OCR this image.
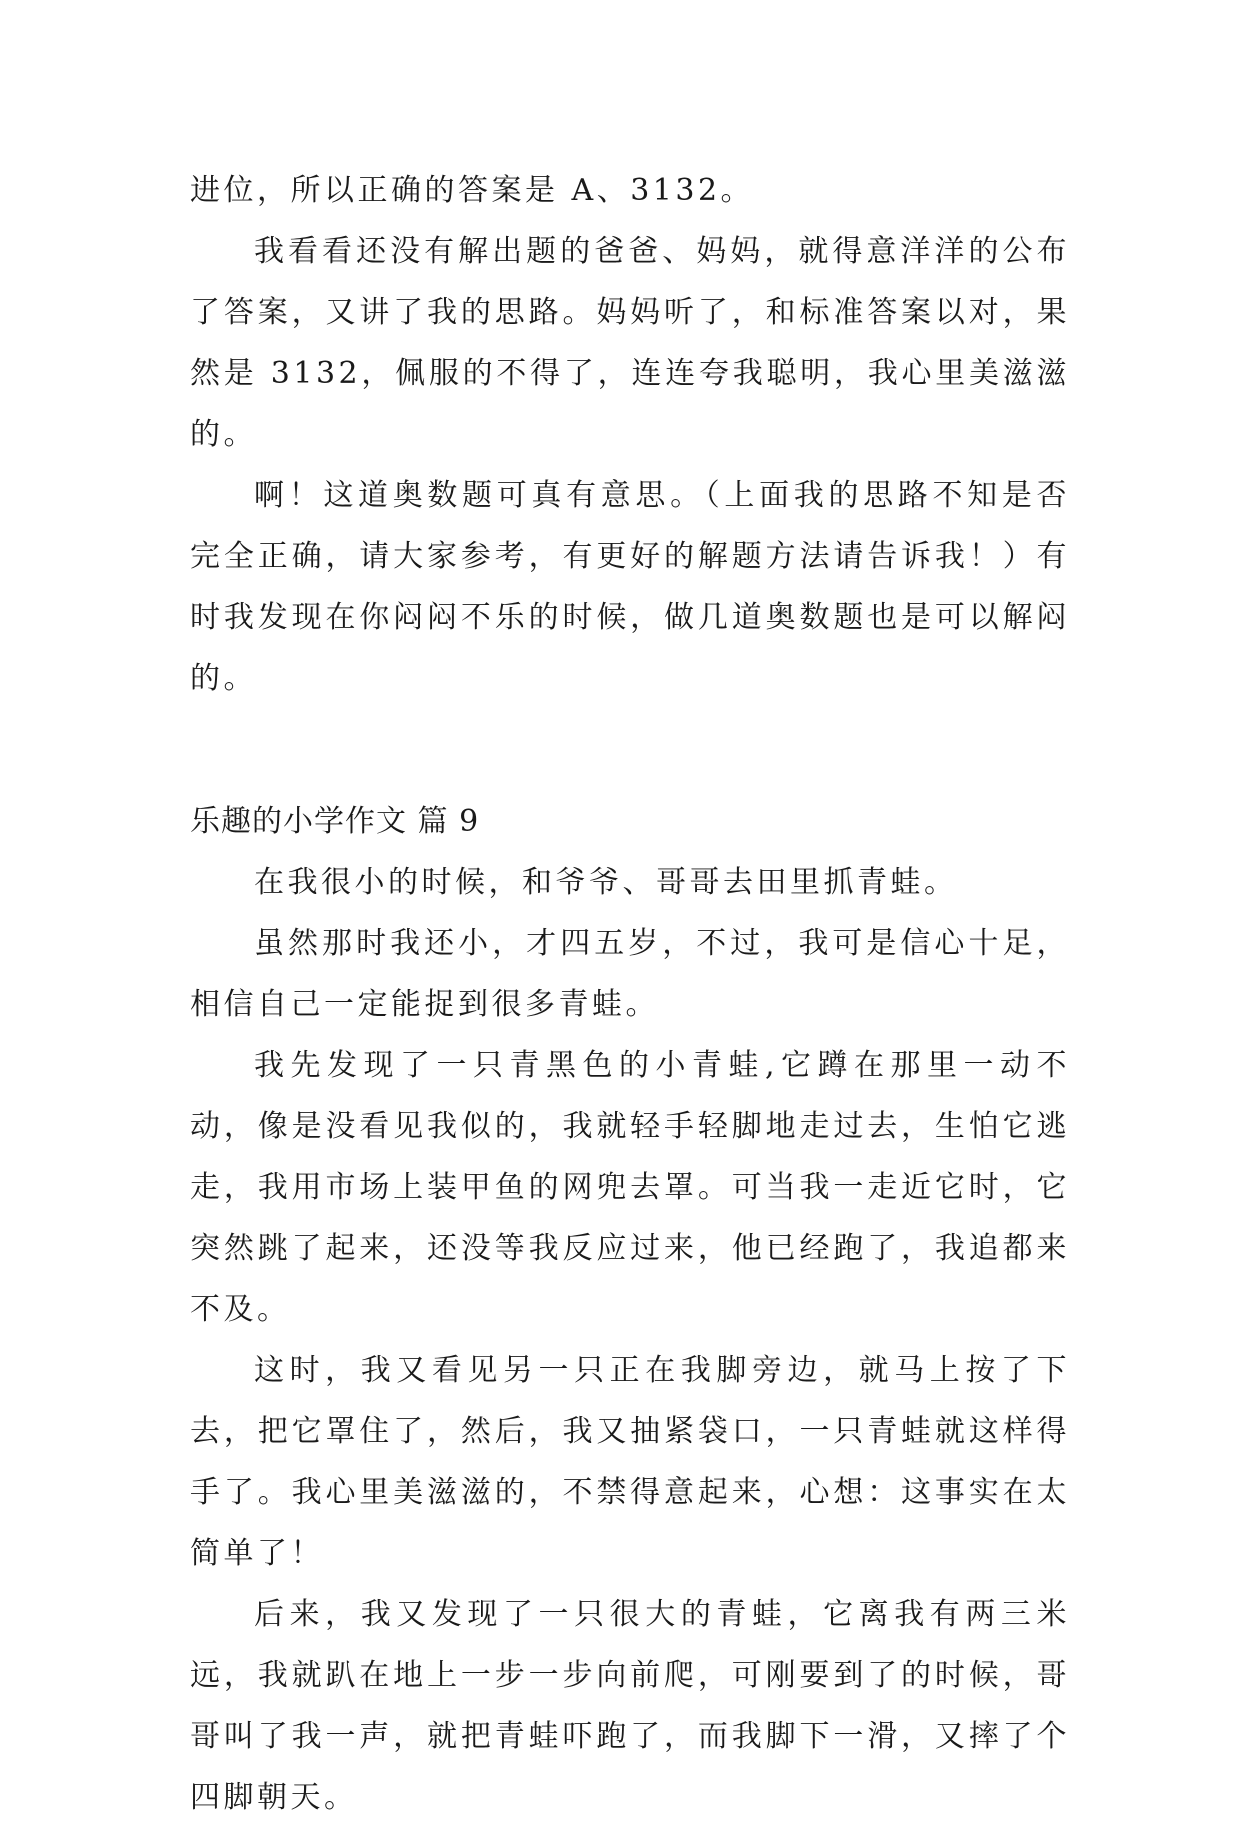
进位，所以正确的答案是 A、3132。

我看看还没有解出题的爸爸、妈妈，就得意洋洋的公布了答案，又讲了我的思路。妈妈听了，和标准答案以对，果然是 3132，佩服的不得了，连连夸我聪明，我心里美滋滋的。

啊！这道奥数题可真有意思。（上面我的思路不知是否完全正确，请大家参考，有更好的解题方法请告诉我！）有时我发现在你闷闷不乐的时候，做几道奥数题也是可以解闷的。

乐趣的小学作文 篇 9

在我很小的时候，和爷爷、哥哥去田里抓青蛙。

虽然那时我还小，才四五岁，不过，我可是信心十足，相信自己一定能捉到很多青蛙。

我先发现了一只青黑色的小青蛙,它蹲在那里一动不动，像是没看见我似的，我就轻手轻脚地走过去，生怕它逃走，我用市场上装甲鱼的网兜去罩。可当我一走近它时，它突然跳了起来，还没等我反应过来，他已经跑了，我追都来不及。

这时，我又看见另一只正在我脚旁边，就马上按了下去，把它罩住了，然后，我又抽紧袋口，一只青蛙就这样得手了。我心里美滋滋的，不禁得意起来，心想：这事实在太简单了！

后来，我又发现了一只很大的青蛙，它离我有两三米远，我就趴在地上一步一步向前爬，可刚要到了的时候，哥哥叫了我一声，就把青蛙吓跑了，而我脚下一滑，又摔了个四脚朝天。
